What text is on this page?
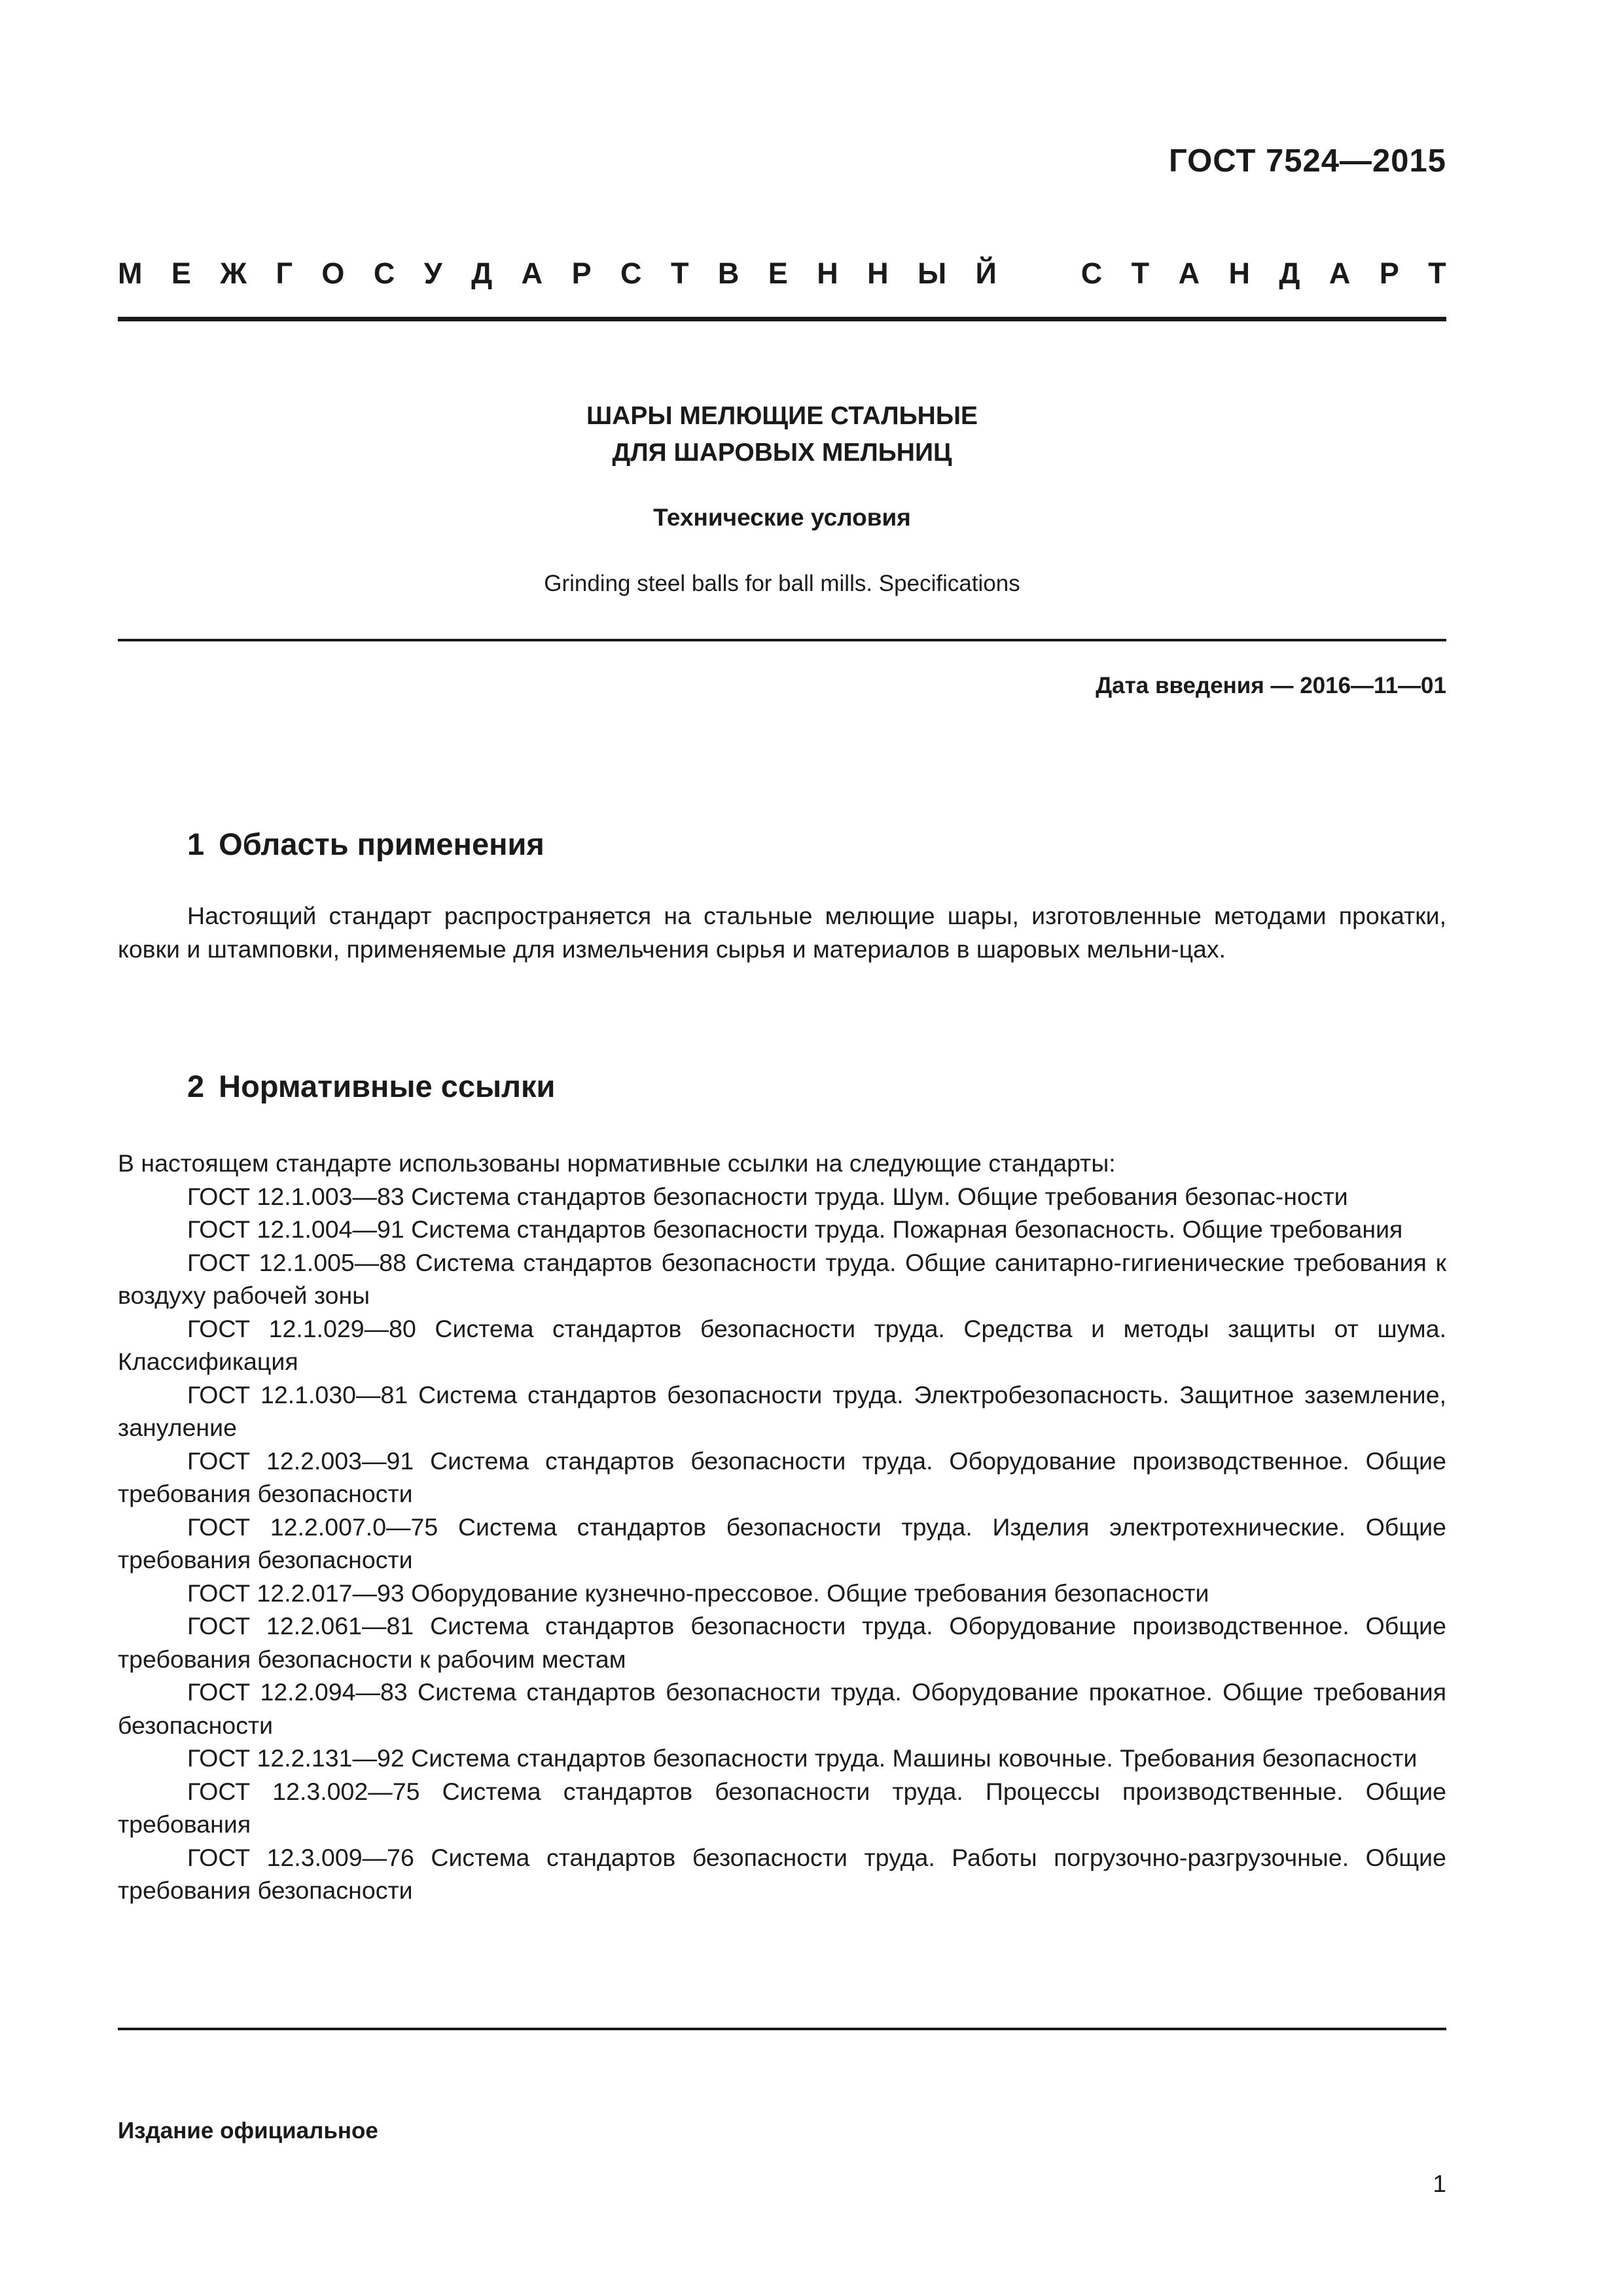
ГОСТ 7524—2015
М Е Ж Г О С У Д А Р С Т В Е Н Н Ы Й	С Т А Н Д А Р Т
ШАРЫ МЕЛЮЩИЕ СТАЛЬНЫЕ
ДЛЯ ШАРОВЫХ МЕЛЬНИЦ
Технические условия
Grinding steel balls for ball mills. Specifications
Дата введения — 2016—11—01
1 Область применения

Настоящий стандарт распространяется на стальные мелющие шары, изготовленные методами прокатки, ковки и штамповки, применяемые для измельчения сырья и материалов в шаровых мельни-цах.

2 Нормативные ссылки

В настоящем стандарте использованы нормативные ссылки на следующие стандарты:

ГОСТ 12.1.003—83 Система стандартов безопасности труда. Шум. Общие требования безопас-ности

ГОСТ 12.1.004—91 Система стандартов безопасности труда. Пожарная безопасность. Общие требования

ГОСТ 12.1.005—88 Система стандартов безопасности труда. Общие санитарно-гигиенические требования к воздуху рабочей зоны

ГОСТ 12.1.029—80 Система стандартов безопасности труда. Средства и методы защиты от шума. Классификация

ГОСТ 12.1.030—81 Система стандартов безопасности труда. Электробезопасность. Защитное заземление, зануление

ГОСТ 12.2.003—91 Система стандартов безопасности труда. Оборудование производственное. Общие требования безопасности

ГОСТ 12.2.007.0—75 Система стандартов безопасности труда. Изделия электротехнические. Общие требования безопасности

ГОСТ 12.2.017—93 Оборудование кузнечно-прессовое. Общие требования безопасности

ГОСТ 12.2.061—81 Система стандартов безопасности труда. Оборудование производственное. Общие требования безопасности к рабочим местам

ГОСТ 12.2.094—83 Система стандартов безопасности труда. Оборудование прокатное. Общие требования безопасности

ГОСТ 12.2.131—92 Система стандартов безопасности труда. Машины ковочные. Требования безопасности

ГОСТ 12.3.002—75 Система стандартов безопасности труда. Процессы производственные. Общие требования

ГОСТ 12.3.009—76 Система стандартов безопасности труда. Работы погрузочно-разгрузочные. Общие требования безопасности

Издание официальное
1
